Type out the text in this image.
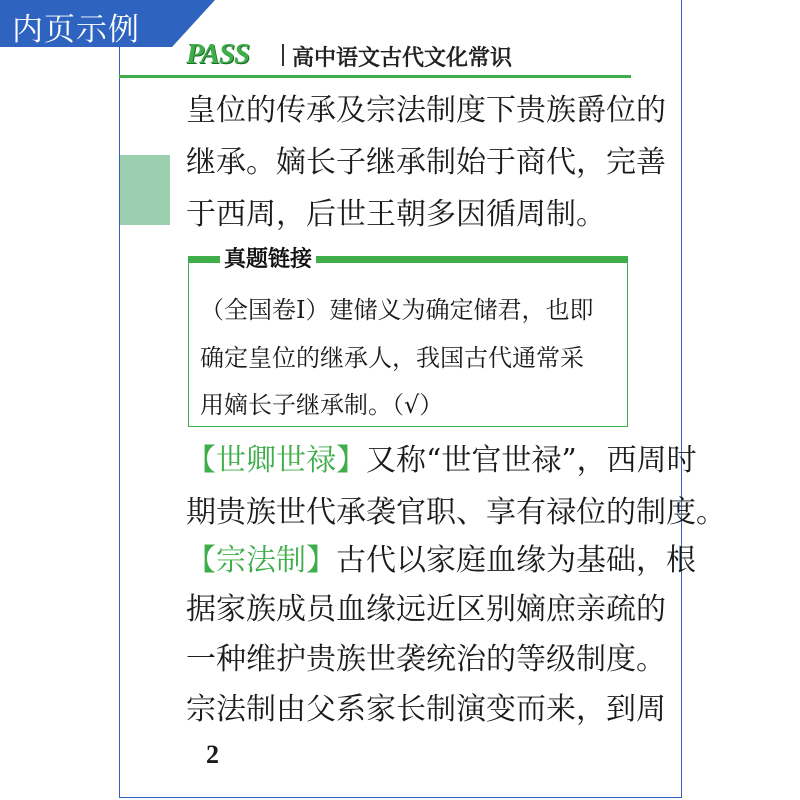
内页示例
PASS 高中语文古代文化常识
皇位的传承及宗法制度下贵族爵位的
继承。嫡长子继承制始于商代，完善
于西周，后世王朝多因循周制。
真题链接
（全国卷Ⅰ）建储义为确定储君，也即
确定皇位的继承人，我国古代通常采
用嫡长子继承制。（√）
【世卿世禄】又称“世官世禄”，西周时
期贵族世代承袭官职、享有禄位的制度。
【宗法制】古代以家庭血缘为基础，根
据家族成员血缘远近区别嫡庶亲疏的
一种维护贵族世袭统治的等级制度。
宗法制由父系家长制演变而来，到周
2
